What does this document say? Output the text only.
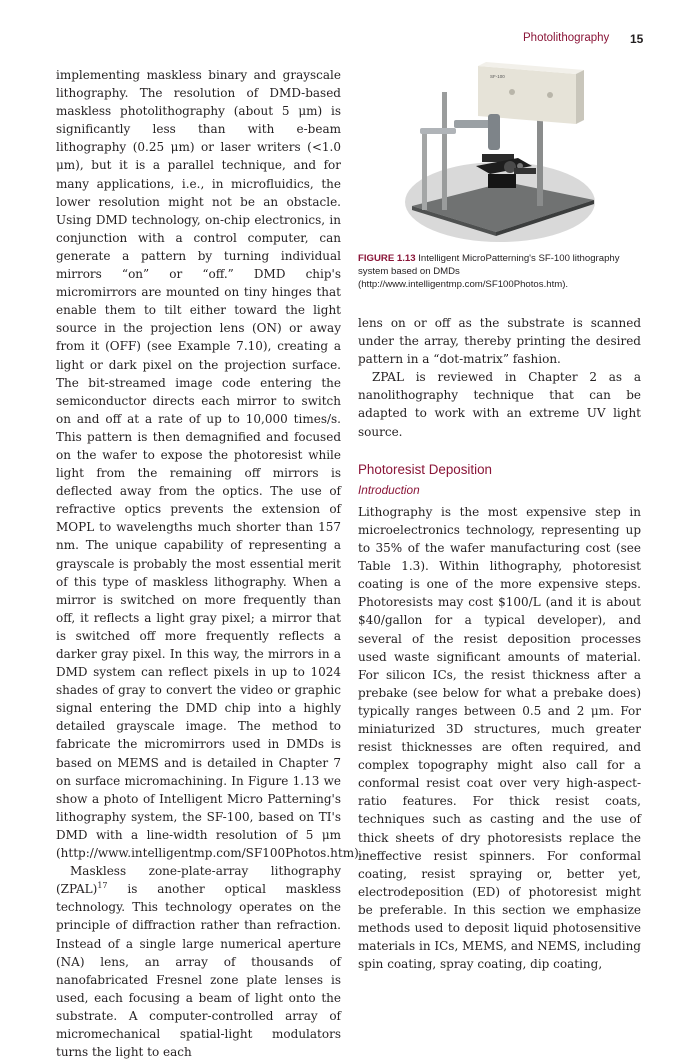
Photolithography 15

implementing maskless binary and grayscale lithography. The resolution of DMD-based maskless photolithography (about 5 μm) is significantly less than with e-beam lithography (0.25 μm) or laser writers (<1.0 μm), but it is a parallel technique, and for many applications, i.e., in microfluidics, the lower resolution might not be an obstacle. Using DMD technology, on-chip electronics, in conjunction with a control computer, can generate a pattern by turning individual mirrors “on” or “off.” DMD chip's micromirrors are mounted on tiny hinges that enable them to tilt either toward the light source in the projection lens (ON) or away from it (OFF) (see Example 7.10), creating a light or dark pixel on the projection surface. The bit-streamed image code entering the semiconductor directs each mirror to switch on and off at a rate of up to 10,000 times/s. This pattern is then demagnified and focused on the wafer to expose the photoresist while light from the remaining off mirrors is deflected away from the optics. The use of refractive optics prevents the extension of MOPL to wavelengths much shorter than 157 nm. The unique capability of representing a grayscale is probably the most essential merit of this type of maskless lithography. When a mirror is switched on more frequently than off, it reflects a light gray pixel; a mirror that is switched off more frequently reflects a darker gray pixel. In this way, the mirrors in a DMD system can reflect pixels in up to 1024 shades of gray to convert the video or graphic signal entering the DMD chip into a highly detailed grayscale image. The method to fabricate the micromirrors used in DMDs is based on MEMS and is detailed in Chapter 7 on surface micromachining. In Figure 1.13 we show a photo of Intelligent Micro Patterning's lithography system, the SF-100, based on TI's DMD with a line-width resolution of 5 μm (http://www.intelligentmp.com/SF100Photos.htm).

Maskless zone-plate-array lithography (ZPAL)$^{17}$ is another optical maskless technology. This technology operates on the principle of diffraction rather than refraction. Instead of a single large numerical aperture (NA) lens, an array of thousands of nanofabricated Fresnel zone plate lenses is used, each focusing a beam of light onto the substrate. A computer-controlled array of micromechanical spatial-light modulators turns the light to each

SF-100
FIGURE 1.13 Intelligent MicroPatterning's SF-100 lithography system based on DMDs (http://www.intelligentmp.com/SF100Photos.htm).

lens on or off as the substrate is scanned under the array, thereby printing the desired pattern in a “dot-matrix” fashion.

ZPAL is reviewed in Chapter 2 as a nanolithography technique that can be adapted to work with an extreme UV light source.

Photoresist Deposition

Introduction

Lithography is the most expensive step in microelectronics technology, representing up to 35% of the wafer manufacturing cost (see Table 1.3). Within lithography, photoresist coating is one of the more expensive steps. Photoresists may cost $100/L (and it is about $40/gallon for a typical developer), and several of the resist deposition processes used waste significant amounts of material. For silicon ICs, the resist thickness after a prebake (see below for what a prebake does) typically ranges between 0.5 and 2 μm. For miniaturized 3D structures, much greater resist thicknesses are often required, and complex topography might also call for a conformal resist coat over very high-aspect-ratio features. For thick resist coats, techniques such as casting and the use of thick sheets of dry photoresists replace the ineffective resist spinners. For conformal coating, resist spraying or, better yet, electrodeposition (ED) of photoresist might be preferable. In this section we emphasize methods used to deposit liquid photosensitive materials in ICs, MEMS, and NEMS, including spin coating, spray coating, dip coating,
